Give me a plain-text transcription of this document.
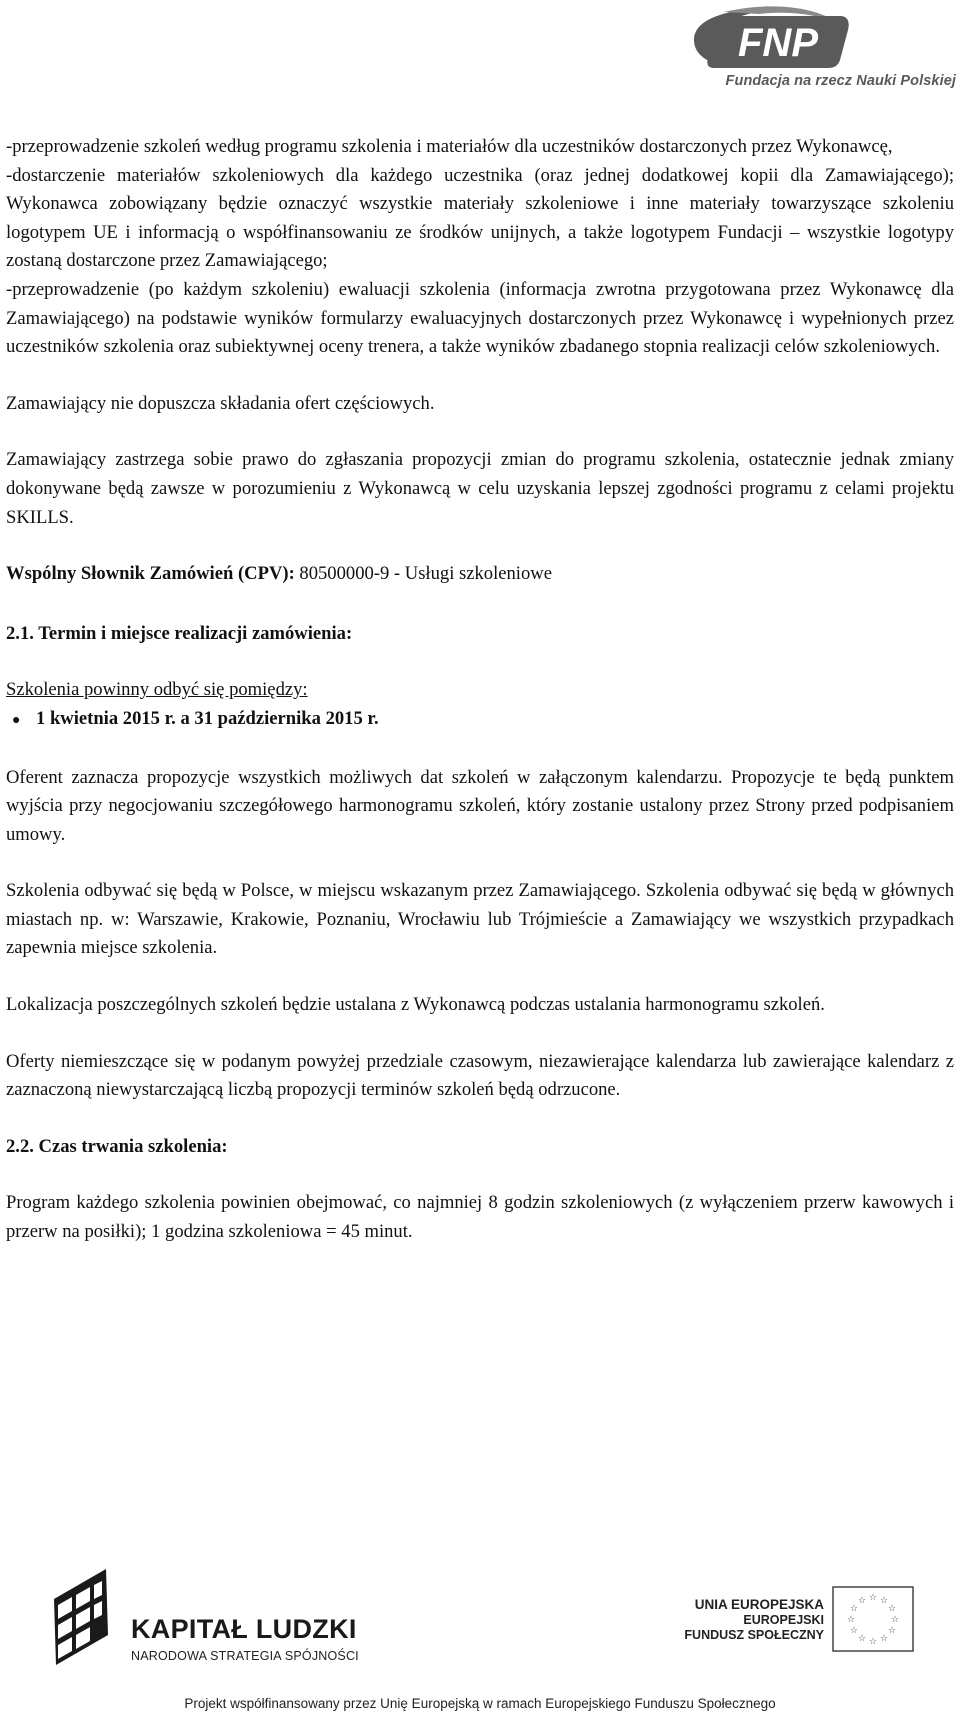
FNP
Fundacja na rzecz Nauki Polskiej

-przeprowadzenie szkoleń według programu szkolenia i materiałów dla uczestników dostarczonych przez Wykonawcę,

-dostarczenie materiałów szkoleniowych dla każdego uczestnika (oraz jednej dodatkowej kopii dla Zamawiającego); Wykonawca zobowiązany będzie oznaczyć wszystkie materiały szkoleniowe i inne materiały towarzyszące szkoleniu logotypem UE i informacją o współfinansowaniu ze środków unijnych, a także logotypem Fundacji – wszystkie logotypy zostaną dostarczone przez Zamawiającego;

-przeprowadzenie (po każdym szkoleniu) ewaluacji szkolenia (informacja zwrotna przygotowana przez Wykonawcę dla Zamawiającego) na podstawie wyników formularzy ewaluacyjnych dostarczonych przez Wykonawcę i wypełnionych przez uczestników szkolenia oraz subiektywnej oceny trenera, a także wyników zbadanego stopnia realizacji celów szkoleniowych.

Zamawiający nie dopuszcza składania ofert częściowych.

Zamawiający zastrzega sobie prawo do zgłaszania propozycji zmian do programu szkolenia, ostatecznie jednak zmiany dokonywane będą zawsze w porozumieniu z Wykonawcą w celu uzyskania lepszej zgodności programu z celami projektu SKILLS.

Wspólny Słownik Zamówień (CPV): 80500000-9 - Usługi szkoleniowe

2.1. Termin i miejsce realizacji zamówienia:

Szkolenia powinny odbyć się pomiędzy:

● 1 kwietnia 2015 r. a 31 października 2015 r.

Oferent zaznacza propozycje wszystkich możliwych dat szkoleń w załączonym kalendarzu. Propozycje te będą punktem wyjścia przy negocjowaniu szczegółowego harmonogramu szkoleń, który zostanie ustalony przez Strony przed podpisaniem umowy.

Szkolenia odbywać się będą w Polsce, w miejscu wskazanym przez Zamawiającego. Szkolenia odbywać się będą w głównych miastach np. w: Warszawie, Krakowie, Poznaniu, Wrocławiu lub Trójmieście a Zamawiający we wszystkich przypadkach zapewnia miejsce szkolenia.

Lokalizacja poszczególnych szkoleń będzie ustalana z Wykonawcą podczas ustalania harmonogramu szkoleń.

Oferty niemieszczące się w podanym powyżej przedziale czasowym, niezawierające kalendarza lub zawierające kalendarz z zaznaczoną niewystarczającą liczbą propozycji terminów szkoleń będą odrzucone.

2.2. Czas trwania szkolenia:

Program każdego szkolenia powinien obejmować, co najmniej 8 godzin szkoleniowych (z wyłączeniem przerw kawowych i przerw na posiłki); 1 godzina szkoleniowa = 45 minut.

KAPITAŁ LUDZKI
NARODOWA STRATEGIA SPÓJNOŚCI
UNIA EUROPEJSKA
EUROPEJSKI
FUNDUSZ SPOŁECZNY
☆ ☆
☆
☆
☆
☆
☆
☆
☆
☆
☆
☆
Projekt współfinansowany przez Unię Europejską w ramach Europejskiego Funduszu Społecznego
